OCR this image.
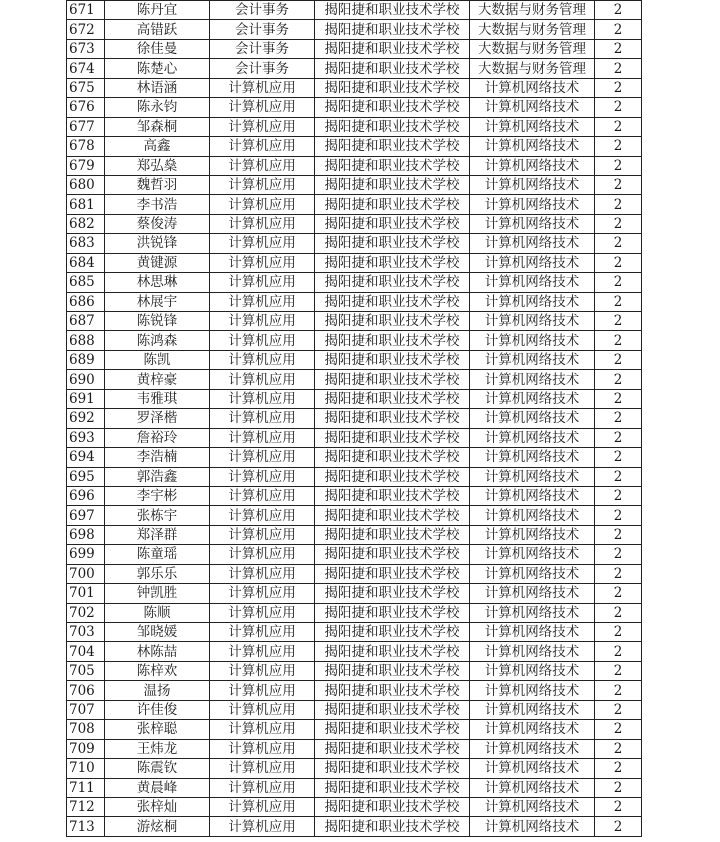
671	陈丹宜	会计事务	揭阳捷和职业技术学校	大数据与财务管理	2
672	高错跃	会计事务	揭阳捷和职业技术学校	大数据与财务管理	2
673	徐佳曼	会计事务	揭阳捷和职业技术学校	大数据与财务管理	2
674	陈楚心	会计事务	揭阳捷和职业技术学校	大数据与财务管理	2
675	林语涵	计算机应用	揭阳捷和职业技术学校	计算机网络技术	2
676	陈永钧	计算机应用	揭阳捷和职业技术学校	计算机网络技术	2
677	邹森桐	计算机应用	揭阳捷和职业技术学校	计算机网络技术	2
678	高鑫	计算机应用	揭阳捷和职业技术学校	计算机网络技术	2
679	郑弘燊	计算机应用	揭阳捷和职业技术学校	计算机网络技术	2
680	魏哲羽	计算机应用	揭阳捷和职业技术学校	计算机网络技术	2
681	李书浩	计算机应用	揭阳捷和职业技术学校	计算机网络技术	2
682	蔡俊涛	计算机应用	揭阳捷和职业技术学校	计算机网络技术	2
683	洪锐锋	计算机应用	揭阳捷和职业技术学校	计算机网络技术	2
684	黄键源	计算机应用	揭阳捷和职业技术学校	计算机网络技术	2
685	林思琳	计算机应用	揭阳捷和职业技术学校	计算机网络技术	2
686	林展宇	计算机应用	揭阳捷和职业技术学校	计算机网络技术	2
687	陈锐锋	计算机应用	揭阳捷和职业技术学校	计算机网络技术	2
688	陈鸿森	计算机应用	揭阳捷和职业技术学校	计算机网络技术	2
689	陈凯	计算机应用	揭阳捷和职业技术学校	计算机网络技术	2
690	黄梓豪	计算机应用	揭阳捷和职业技术学校	计算机网络技术	2
691	韦雅琪	计算机应用	揭阳捷和职业技术学校	计算机网络技术	2
692	罗泽楷	计算机应用	揭阳捷和职业技术学校	计算机网络技术	2
693	詹裕玲	计算机应用	揭阳捷和职业技术学校	计算机网络技术	2
694	李浩楠	计算机应用	揭阳捷和职业技术学校	计算机网络技术	2
695	郭浩鑫	计算机应用	揭阳捷和职业技术学校	计算机网络技术	2
696	李宇彬	计算机应用	揭阳捷和职业技术学校	计算机网络技术	2
697	张栋宇	计算机应用	揭阳捷和职业技术学校	计算机网络技术	2
698	郑泽群	计算机应用	揭阳捷和职业技术学校	计算机网络技术	2
699	陈童瑶	计算机应用	揭阳捷和职业技术学校	计算机网络技术	2
700	郭乐乐	计算机应用	揭阳捷和职业技术学校	计算机网络技术	2
701	钟凯胜	计算机应用	揭阳捷和职业技术学校	计算机网络技术	2
702	陈顺	计算机应用	揭阳捷和职业技术学校	计算机网络技术	2
703	邹晓媛	计算机应用	揭阳捷和职业技术学校	计算机网络技术	2
704	林陈喆	计算机应用	揭阳捷和职业技术学校	计算机网络技术	2
705	陈梓欢	计算机应用	揭阳捷和职业技术学校	计算机网络技术	2
706	温扬	计算机应用	揭阳捷和职业技术学校	计算机网络技术	2
707	许佳俊	计算机应用	揭阳捷和职业技术学校	计算机网络技术	2
708	张梓聪	计算机应用	揭阳捷和职业技术学校	计算机网络技术	2
709	王炜龙	计算机应用	揭阳捷和职业技术学校	计算机网络技术	2
710	陈震钦	计算机应用	揭阳捷和职业技术学校	计算机网络技术	2
711	黄晨峰	计算机应用	揭阳捷和职业技术学校	计算机网络技术	2
712	张梓灿	计算机应用	揭阳捷和职业技术学校	计算机网络技术	2
713	游炫桐	计算机应用	揭阳捷和职业技术学校	计算机网络技术	2
